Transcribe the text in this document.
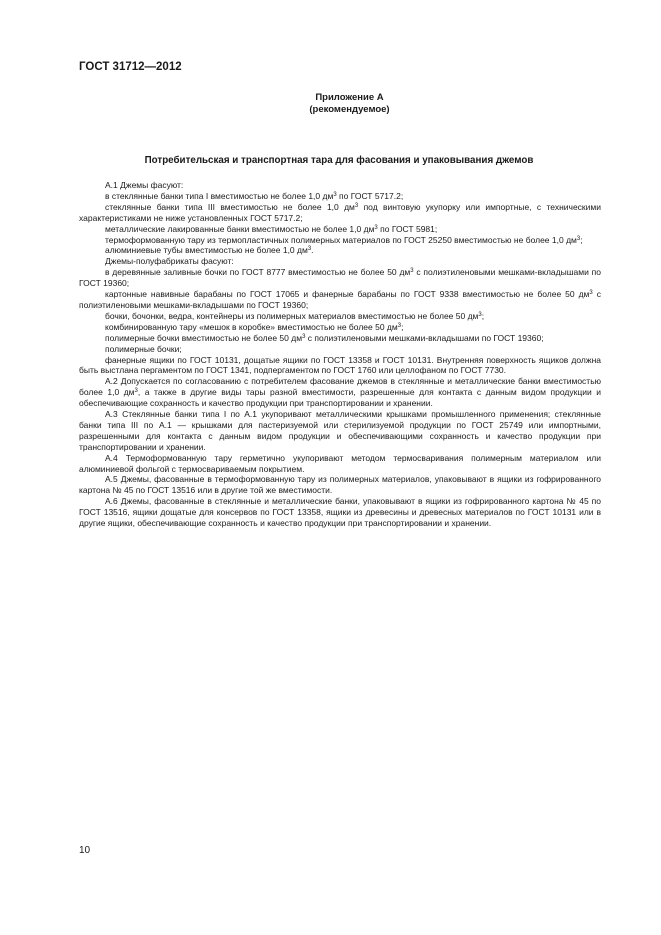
ГОСТ 31712—2012
Приложение А
(рекомендуемое)
Потребительская и транспортная тара для фасования и упаковывания джемов

А.1 Джемы фасуют:

в стеклянные банки типа I вместимостью не более 1,0 $дм^3$ по ГОСТ 5717.2;

стеклянные банки типа III вместимостью не более 1,0 $дм^3$ под винтовую укупорку или импортные, с техническими характеристиками не ниже установленных ГОСТ 5717.2;

металлические лакированные банки вместимостью не более 1,0 $дм^3$ по ГОСТ 5981;

термоформованную тару из термопластичных полимерных материалов по ГОСТ 25250 вместимостью не более 1,0 $дм^3$;

алюминиевые тубы вместимостью не более 1,0 $дм^3$.

Джемы-полуфабрикаты фасуют:

в деревянные заливные бочки по ГОСТ 8777 вместимостью не более 50 $дм^3$ с полиэтиленовыми мешками-вкладышами по ГОСТ 19360;

картонные навивные барабаны по ГОСТ 17065 и фанерные барабаны по ГОСТ 9338 вместимостью не более 50 $дм^3$ с полиэтиленовыми мешками-вкладышами по ГОСТ 19360;

бочки, бочонки, ведра, контейнеры из полимерных материалов вместимостью не более 50 $дм^3$;

комбинированную тару «мешок в коробке» вместимостью не более 50 $дм^3$;

полимерные бочки вместимостью не более 50 $дм^3$ с полиэтиленовыми мешками-вкладышами по ГОСТ 19360;

полимерные бочки;

фанерные ящики по ГОСТ 10131, дощатые ящики по ГОСТ 13358 и ГОСТ 10131. Внутренняя поверхность ящиков должна быть выстлана пергаментом по ГОСТ 1341, подпергаментом по ГОСТ 1760 или целлофаном по ГОСТ 7730.

А.2 Допускается по согласованию с потребителем фасование джемов в стеклянные и металлические банки вместимостью более 1,0 $дм^3$, а также в другие виды тары разной вместимости, разрешенные для контакта с данным видом продукции и обеспечивающие сохранность и качество продукции при транспортировании и хранении.

А.3 Стеклянные банки типа I по А.1 укупоривают металлическими крышками промышленного применения; стеклянные банки типа III по А.1 — крышками для пастеризуемой или стерилизуемой продукции по ГОСТ 25749 или импортными, разрешенными для контакта с данным видом продукции и обеспечивающими сохранность и качество продукции при транспортировании и хранении.

А.4 Термоформованную тару герметично укупоривают методом термосваривания полимерным материалом или алюминиевой фольгой с термосвариваемым покрытием.

А.5 Джемы, фасованные в термоформованную тару из полимерных материалов, упаковывают в ящики из гофрированного картона № 45 по ГОСТ 13516 или в другие той же вместимости.

А.6 Джемы, фасованные в стеклянные и металлические банки, упаковывают в ящики из гофрированного картона № 45 по ГОСТ 13516, ящики дощатые для консервов по ГОСТ 13358, ящики из древесины и древесных материалов по ГОСТ 10131 или в другие ящики, обеспечивающие сохранность и качество продукции при транспортировании и хранении.

10
